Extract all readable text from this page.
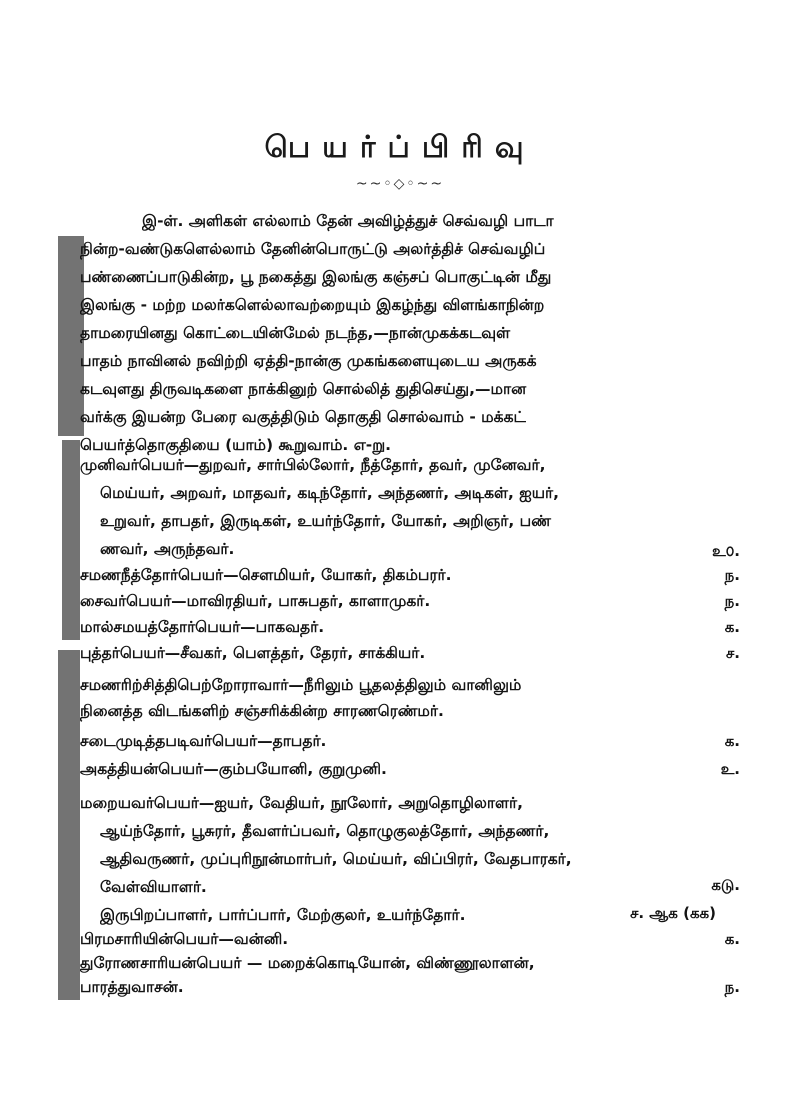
பெயர்ப்பிரிவு
~~◦◇◦~~
இ-ள். அளிகள் எல்லாம் தேன் அவிழ்த்துச் செவ்வழி பாடா
நின்ற-வண்டுகளெல்லாம் தேனின்பொருட்டு அலர்த்திச் செவ்வழிப்
பண்ணைப்பாடுகின்ற, பூ நகைத்து இலங்கு கஞ்சப் பொகுட்டின் மீது
இலங்கு - மற்ற மலர்களெல்லாவற்றையும் இகழ்ந்து விளங்காநின்ற
தாமரையினது கொட்டையின்மேல் நடந்த,—நான்முகக்கடவுள்
பாதம் நாவினல் நவிற்றி ஏத்தி-நான்கு முகங்களையுடைய அருகக்
கடவுளது திருவடிகளை நாக்கினுற் சொல்லித் துதிசெய்து,—மான
வர்க்கு இயன்ற பேரை வகுத்திடும் தொகுதி சொல்வாம் - மக்கட்
பெயர்த்தொகுதியை (யாம்) கூறுவாம். எ-று.
முனிவர்பெயர்—துறவர், சார்பில்லோர், நீத்தோர், தவர், முனேவர்,
மெய்யர், அறவர், மாதவர், கடிந்தோர், அந்தணர், அடிகள், ஐயர்,
உறுவர், தாபதர், இருடிகள், உயர்ந்தோர், யோகர், அறிஞர், பண்
ணவர், அருந்தவர்.	உ௦.
சமணநீத்தோர்பெயர்—சௌமியர், யோகர், திகம்பரர்.	ந.
சைவர்பெயர்—மாவிரதியர், பாசுபதர், காளாமுகர்.	ந.
மால்சமயத்தோர்பெயர்—பாகவதர்.	க.
புத்தர்பெயர்—சீவகர், பௌத்தர், தேரர், சாக்கியர்.	ச.
சமணரிற்சித்திபெற்றோராவார்—நீரிலும் பூதலத்திலும் வானிலும்
நினைத்த விடங்களிற் சஞ்சரிக்கின்ற சாரணரெண்மர்.
சடைமுடித்தபடிவர்பெயர்—தாபதர்.	க.
அகத்தியன்பெயர்—கும்பயோனி, குறுமுனி.	உ.
மறையவர்பெயர்—ஐயர், வேதியர், நூலோர், அறுதொழிலாளர்,
ஆய்ந்தோர், பூசுரர், தீவளர்ப்பவர், தொழுகுலத்தோர், அந்தணர்,
ஆதிவருணர், முப்புரிநூன்மார்பர், மெய்யர், விப்பிரர், வேதபாரகர்,
வேள்வியாளர்.	கடு.
இருபிறப்பாளர், பார்ப்பார், மேற்குலர், உயர்ந்தோர்.	ச. ஆக (கக)
பிரமசாரியின்பெயர்—வன்னி.	க.
துரோணசாரியன்பெயர் — மறைக்கொடியோன், விண்ணூலாளன்,
பாரத்துவாசன்.	ந.
